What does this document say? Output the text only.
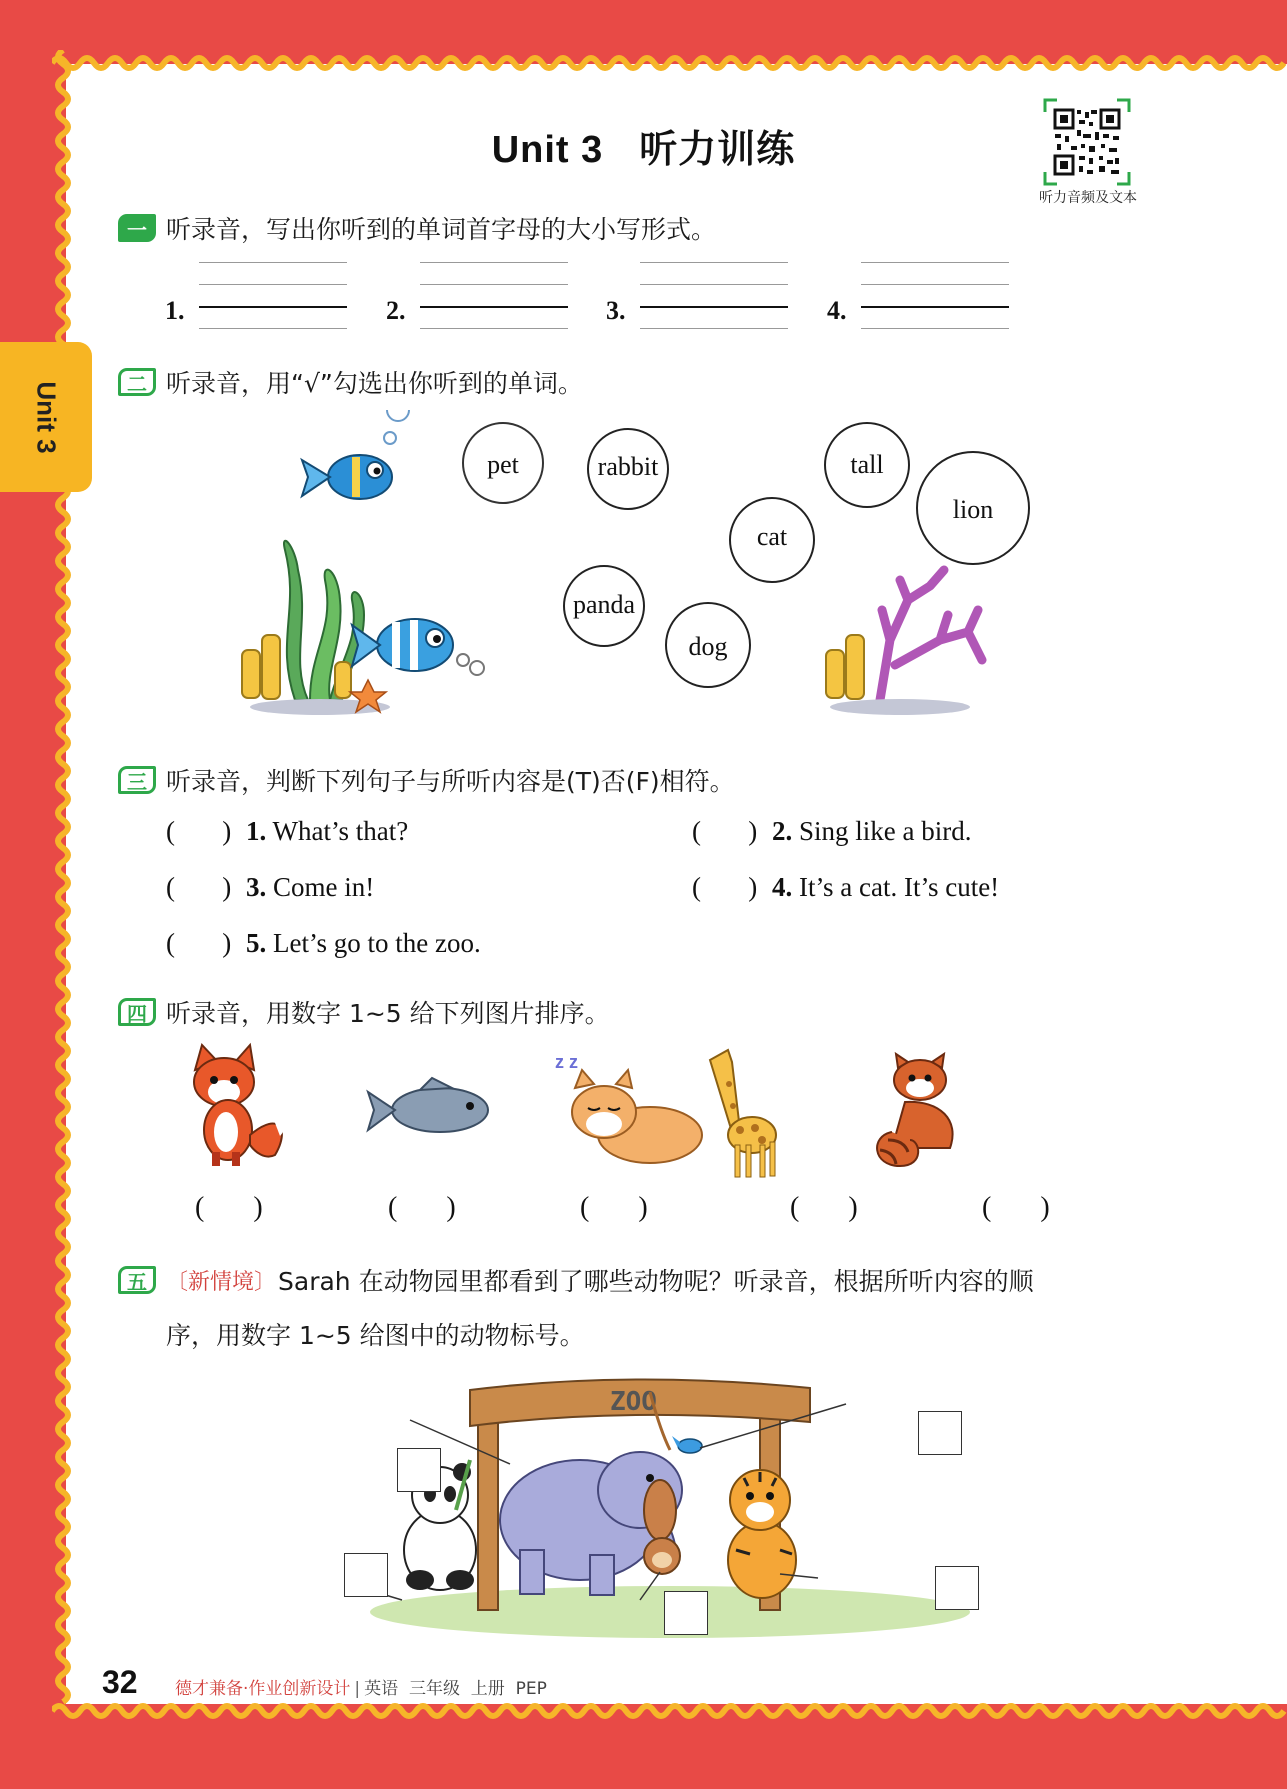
Unit 3
Unit 3 听力训练
听力音频及文本
一 听录音，写出你听到的单词首字母的大小写形式。
1.	2.	3.	4.
二 听录音，用“√”勾选出你听到的单词。
pet	rabbit
panda
dog
cat
tall
lion
三 听录音，判断下列句子与所听内容是(T)否(F)相符。
(       ) 1. What’s that?	(       ) 2. Sing like a bird.
(       ) 3. Come in!	(       ) 4. It’s a cat. It’s cute!
(       ) 5. Let’s go to the zoo.
四 听录音，用数字 1~5 给下列图片排序。
z z
(       )	(       )	(       )	(       )	(       )
五 〔新情境〕 Sarah 在动物园里都看到了哪些动物呢？听录音，根据所听内容的顺
序，用数字 1~5 给图中的动物标号。
ZOO
32 德才兼备·作业创新设计 | 英语 三年级 上册 PEP
